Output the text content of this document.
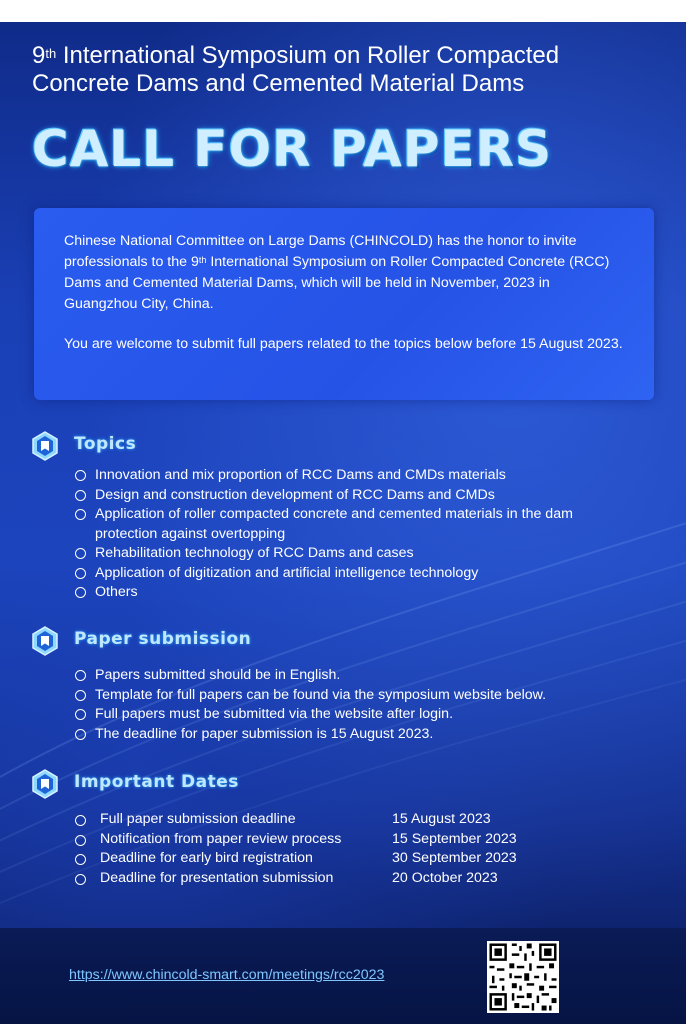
9th International Symposium on Roller Compacted
Concrete Dams and Cemented Material Dams
CALL FOR PAPERS

Chinese National Committee on Large Dams (CHINCOLD) has the honor to invite professionals to the 9th International Symposium on Roller Compacted Concrete (RCC) Dams and Cemented Material Dams, which will be held in November, 2023 in Guangzhou City, China.

You are welcome to submit full papers related to the topics below before 15 August 2023.

Topics
Innovation and mix proportion of RCC Dams and CMDs materials
Design and construction development of RCC Dams and CMDs
Application of roller compacted concrete and cemented materials in the dam protection against overtopping
Rehabilitation technology of RCC Dams and cases
Application of digitization and artificial intelligence technology
Others
Paper submission
Papers submitted should be in English.
Template for full papers can be found via the symposium website below.
Full papers must be submitted via the website after login.
The deadline for paper submission is 15 August 2023.
Important Dates
Full paper submission deadline	15 August 2023
Notification from paper review process	15 September 2023
Deadline for early bird registration	30 September 2023
Deadline for presentation submission	20 October 2023
https://www.chincold-smart.com/meetings/rcc2023
